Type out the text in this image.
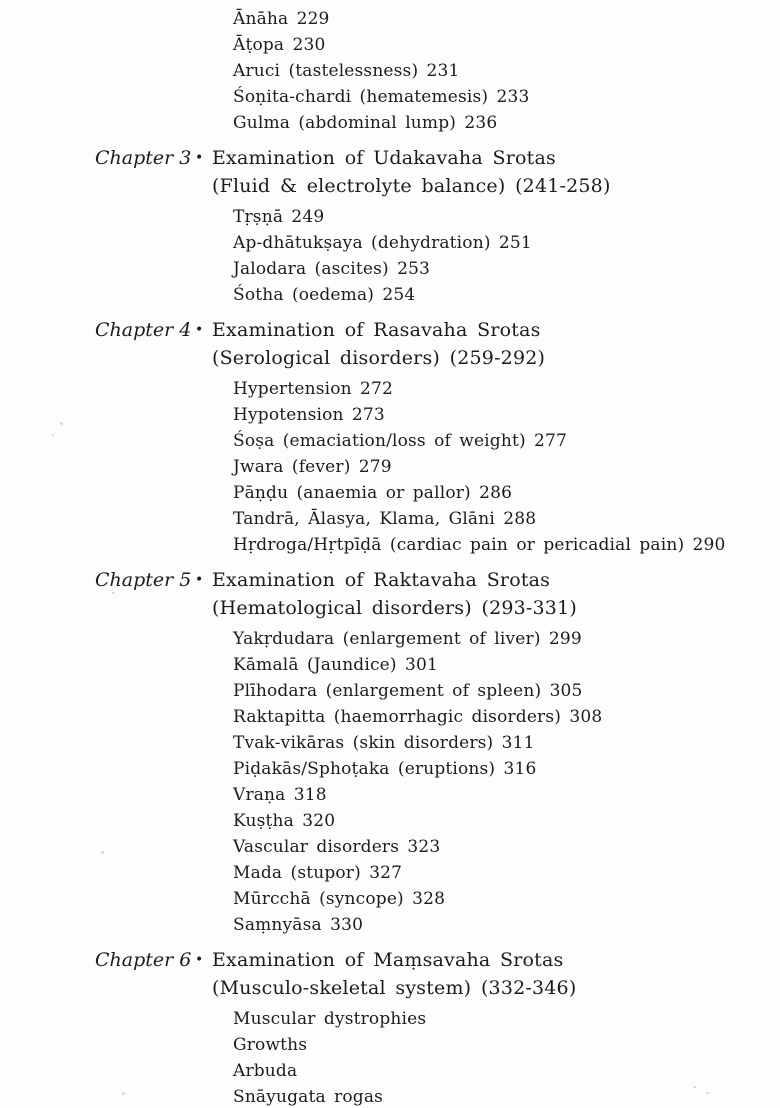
Ānāha 229
Āṭopa 230
Aruci (tastelessness) 231
Śoṇita-chardi (hematemesis) 233
Gulma (abdominal lump) 236
Chapter 3 • Examination of Udakavaha Srotas
(Fluid & electrolyte balance) (241-258)
Tṛṣṇā 249
Ap-dhātukṣaya (dehydration) 251
Jalodara (ascites) 253
Śotha (oedema) 254
Chapter 4 • Examination of Rasavaha Srotas
(Serological disorders) (259-292)
Hypertension 272
Hypotension 273
Śoṣa (emaciation/loss of weight) 277
Jwara (fever) 279
Pāṇḍu (anaemia or pallor) 286
Tandrā, Ālasya, Klama, Glāni 288
Hṛdroga/Hṛtpīḍā (cardiac pain or pericadial pain) 290
Chapter 5 • Examination of Raktavaha Srotas
(Hematological disorders) (293-331)
Yakṛdudara (enlargement of liver) 299
Kāmalā (Jaundice) 301
Plīhodara (enlargement of spleen) 305
Raktapitta (haemorrhagic disorders) 308
Tvak-vikāras (skin disorders) 311
Piḍakās/Sphoṭaka (eruptions) 316
Vraṇa 318
Kuṣṭha 320
Vascular disorders 323
Mada (stupor) 327
Mūrcchā (syncope) 328
Saṃnyāsa 330
Chapter 6 • Examination of Maṃsavaha Srotas
(Musculo-skeletal system) (332-346)
Muscular dystrophies
Growths
Arbuda
Snāyugata rogas
